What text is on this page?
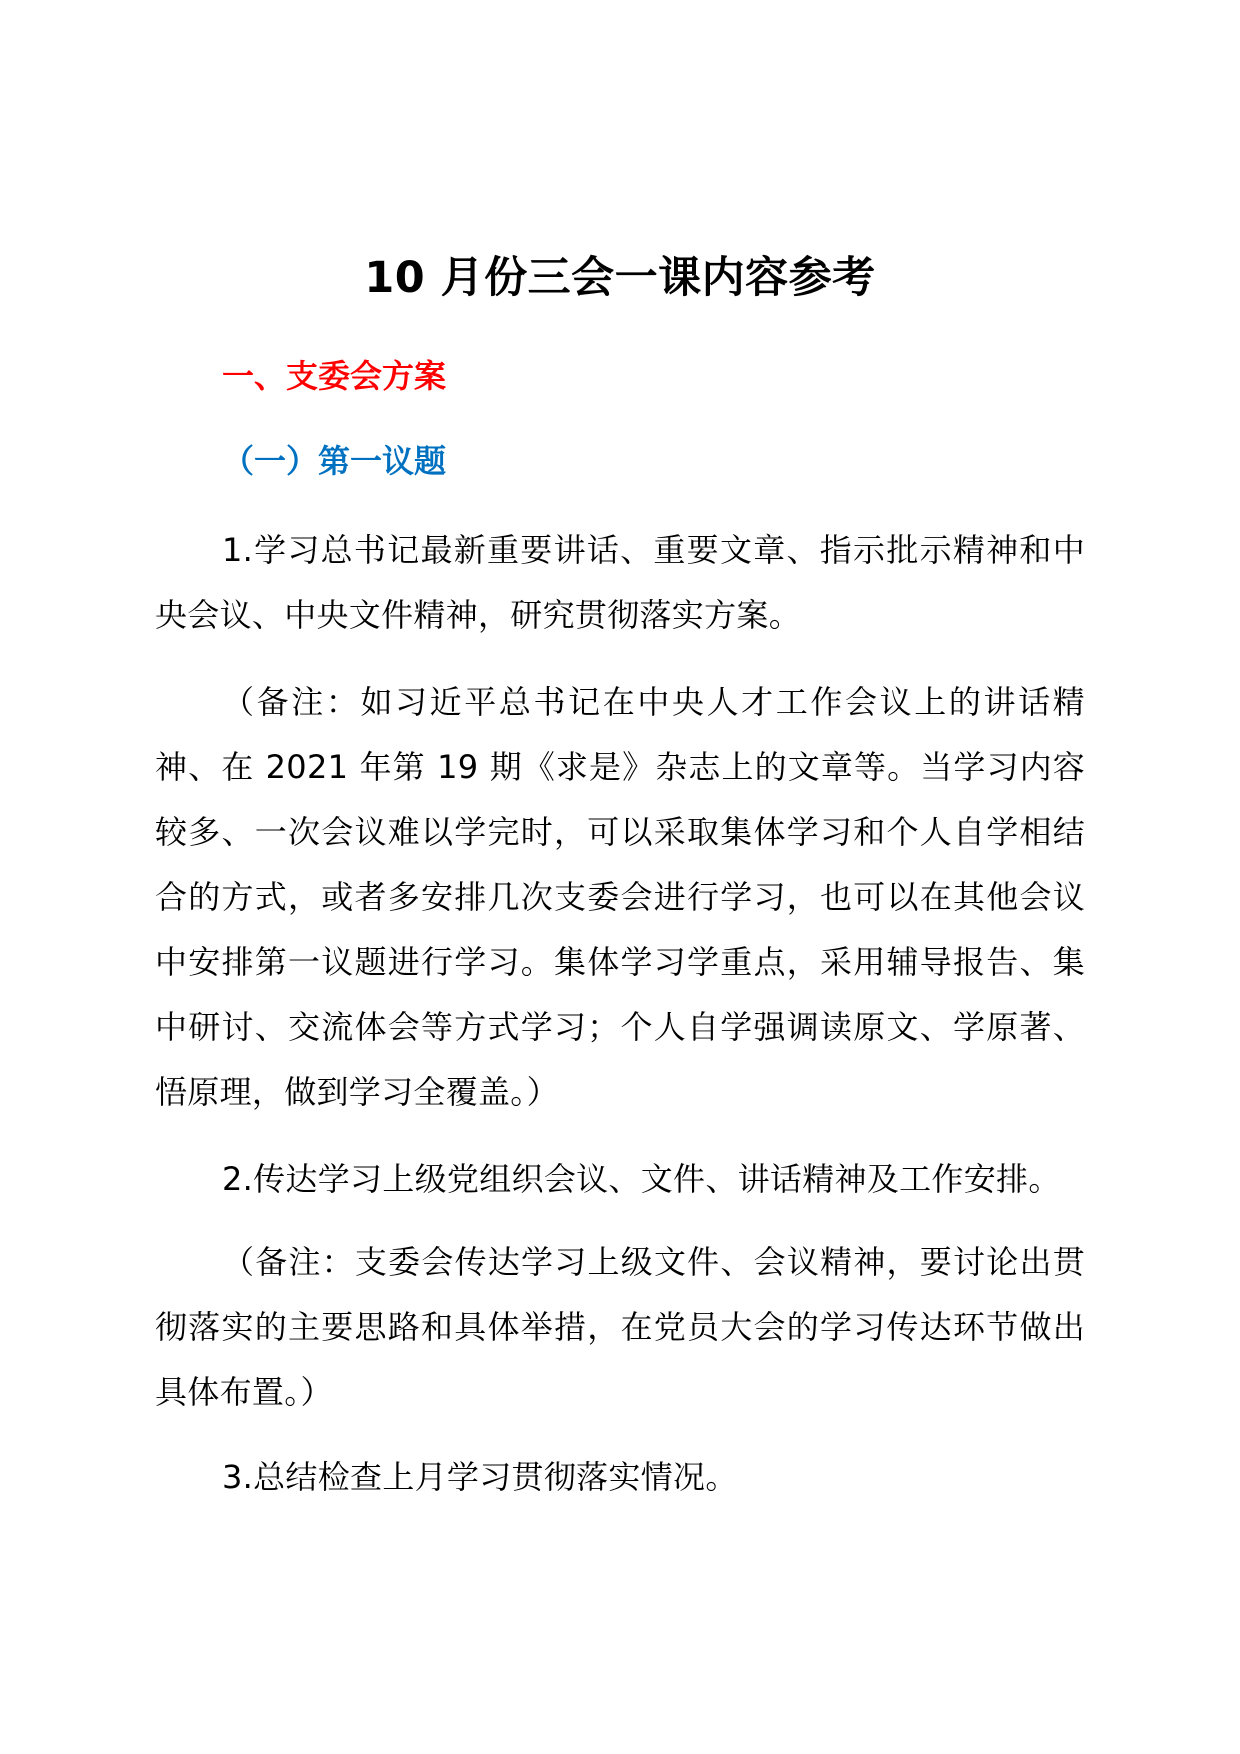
10 月份三会一课内容参考
一、支委会方案
（一）第一议题

1.学习总书记最新重要讲话、重要文章、指示批示精神和中央会议、中央文件精神，研究贯彻落实方案。

（备注：如习近平总书记在中央人才工作会议上的讲话精神、在 2021 年第 19 期《求是》杂志上的文章等。当学习内容较多、一次会议难以学完时，可以采取集体学习和个人自学相结合的方式，或者多安排几次支委会进行学习，也可以在其他会议中安排第一议题进行学习。集体学习学重点，采用辅导报告、集中研讨、交流体会等方式学习；个人自学强调读原文、学原著、悟原理，做到学习全覆盖。）

2.传达学习上级党组织会议、文件、讲话精神及工作安排。

（备注：支委会传达学习上级文件、会议精神，要讨论出贯彻落实的主要思路和具体举措，在党员大会的学习传达环节做出具体布置。）

3.总结检查上月学习贯彻落实情况。
